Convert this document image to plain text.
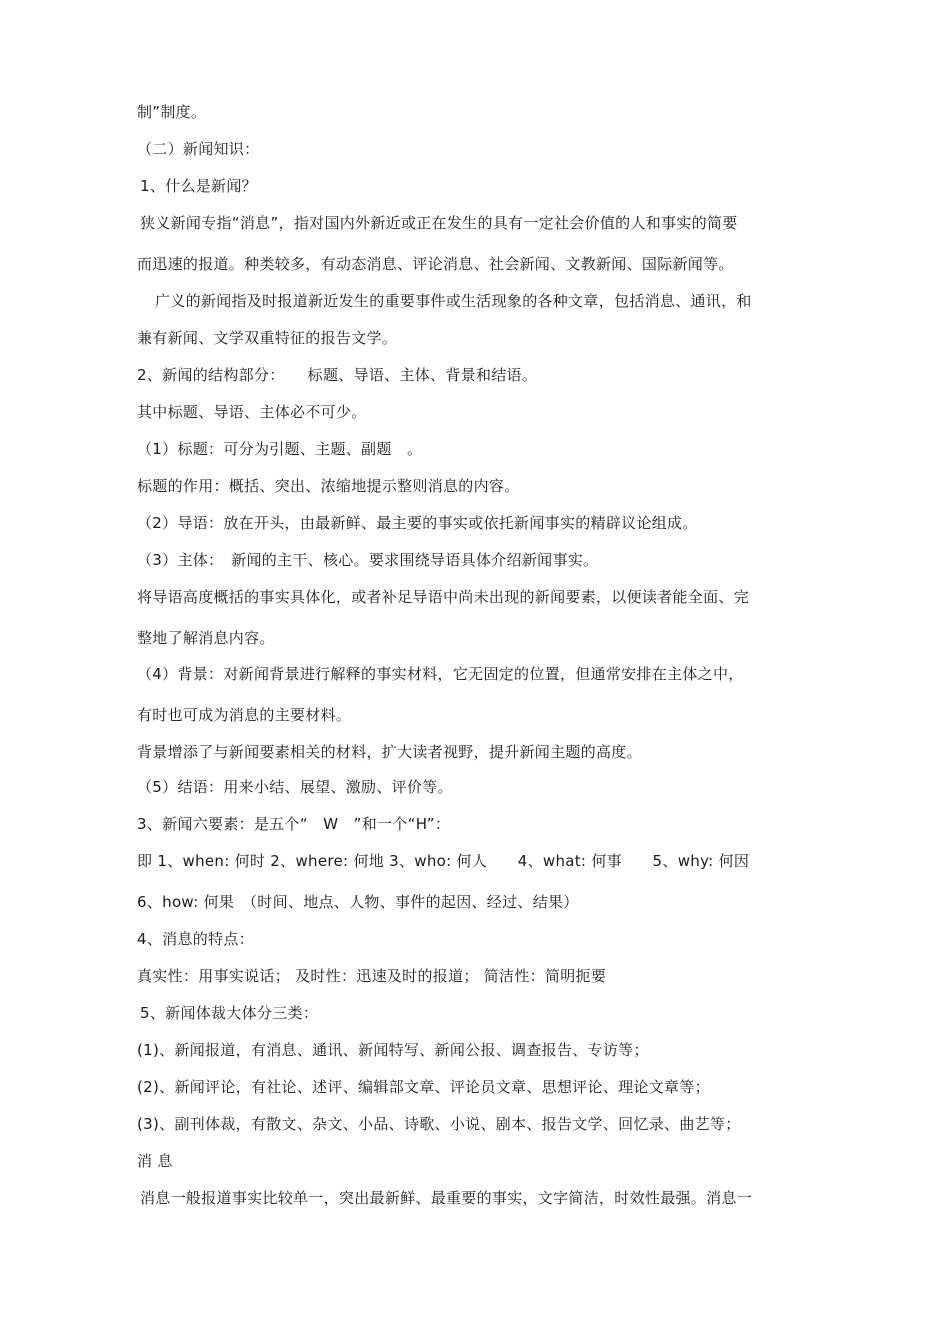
制”制度。
（二）新闻知识：
1、什么是新闻？
狭义新闻专指“消息”，指对国内外新近或正在发生的具有一定社会价值的人和事实的简要
而迅速的报道。种类较多，有动态消息、评论消息、社会新闻、文教新闻、国际新闻等。
广义的新闻指及时报道新近发生的重要事件或生活现象的各种文章，包括消息、通讯，和
兼有新闻、文学双重特征的报告文学。
2、新闻的结构部分：　　标题、导语、主体、背景和结语。
其中标题、导语、主体必不可少。
（1）标题：可分为引题、主题、副题　。
标题的作用：概括、突出、浓缩地提示整则消息的内容。
（2）导语：放在开头，由最新鲜、最主要的事实或依托新闻事实的精辟议论组成。
（3）主体：　新闻的主干、核心。要求围绕导语具体介绍新闻事实。
将导语高度概括的事实具体化，或者补足导语中尚未出现的新闻要素，以便读者能全面、完
整地了解消息内容。
（4）背景：对新闻背景进行解释的事实材料，它无固定的位置，但通常安排在主体之中，
有时也可成为消息的主要材料。
背景增添了与新闻要素相关的材料，扩大读者视野，提升新闻主题的高度。
（5）结语：用来小结、展望、激励、评价等。
3、新闻六要素：是五个“　W　”和一个“H”：
即 1、when: 何时 2、where: 何地 3、who: 何人　　4、what: 何事　　5、why: 何因
6、how: 何果　（时间、地点、人物、事件的起因、经过、结果）
4、消息的特点：
真实性：用事实说话； 及时性：迅速及时的报道； 简洁性：简明扼要
5、新闻体裁大体分三类：
(1)、新闻报道，有消息、通讯、新闻特写、新闻公报、调查报告、专访等；
(2)、新闻评论，有社论、述评、编辑部文章、评论员文章、思想评论、理论文章等；
(3)、副刊体裁，有散文、杂文、小品、诗歌、小说、剧本、报告文学、回忆录、曲艺等；
消 息
消息一般报道事实比较单一，突出最新鲜、最重要的事实，文字简洁，时效性最强。消息一
